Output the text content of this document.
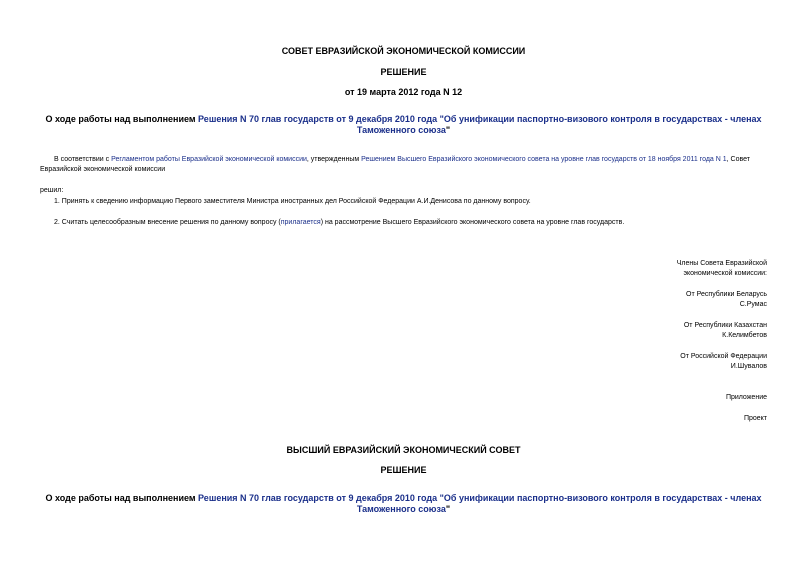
СОВЕТ ЕВРАЗИЙСКОЙ ЭКОНОМИЧЕСКОЙ КОМИССИИ
РЕШЕНИЕ
от 19 марта 2012 года N 12
О ходе работы над выполнением Решения N 70 глав государств от 9 декабря 2010 года "Об унификации паспортно-визового контроля в государствах - членах Таможенного союза"
В соответствии с Регламентом работы Евразийской экономической комиссии, утвержденным Решением Высшего Евразийского экономического совета на уровне глав государств от 18 ноября 2011 года N 1, Совет Евразийской экономической комиссии
решил:
1. Принять к сведению информацию Первого заместителя Министра иностранных дел Российской Федерации А.И.Денисова по данному вопросу.
2. Считать целесообразным внесение решения по данному вопросу (прилагается) на рассмотрение Высшего Евразийского экономического совета на уровне глав государств.
Члены Совета Евразийской
экономической комиссии:
От Республики Беларусь
С.Румас
От Республики Казахстан
К.Келимбетов
От Российской Федерации
И.Шувалов
Приложение
Проект
ВЫСШИЙ ЕВРАЗИЙСКИЙ ЭКОНОМИЧЕСКИЙ СОВЕТ
РЕШЕНИЕ
О ходе работы над выполнением Решения N 70 глав государств от 9 декабря 2010 года "Об унификации паспортно-визового контроля в государствах - членах Таможенного союза"
